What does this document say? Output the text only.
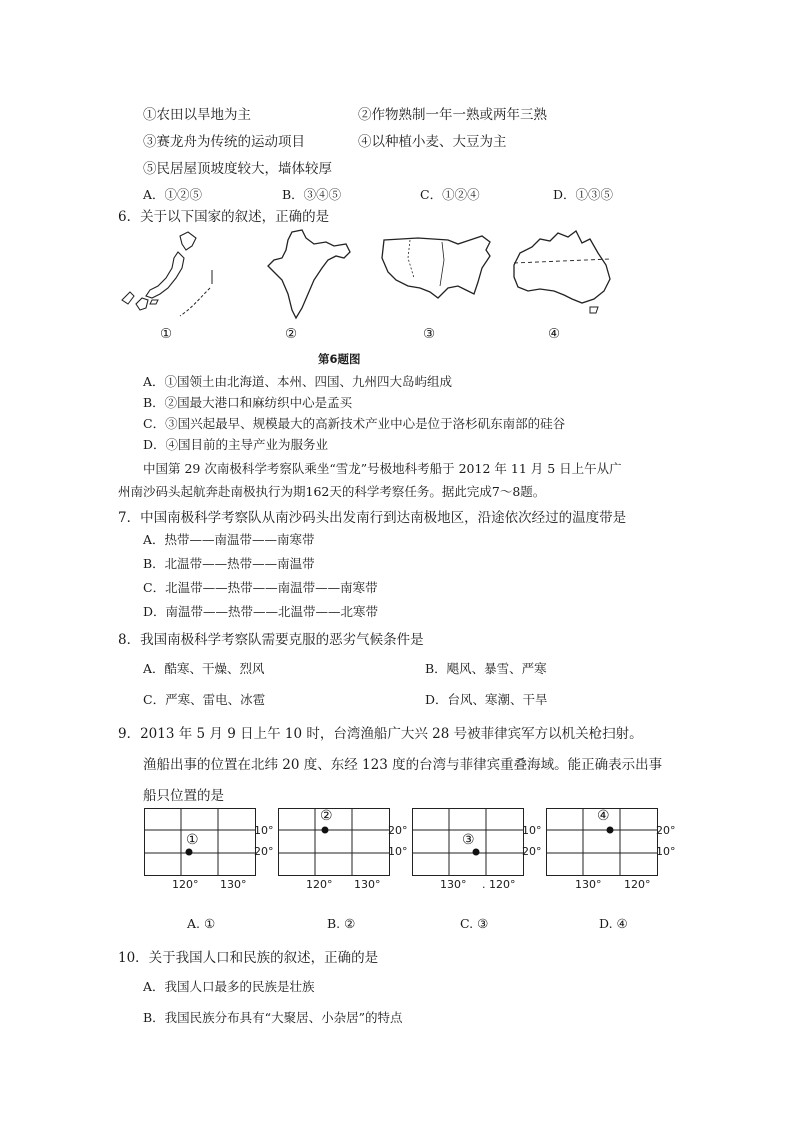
①农田以旱地为主	②作物熟制一年一熟或两年三熟
③赛龙舟为传统的运动项目	④以种植小麦、大豆为主
⑤民居屋顶坡度较大，墙体较厚
A．①②⑤	B．③④⑤	C．①②④	D．①③⑤
6．关于以下国家的叙述，正确的是
①	②	③	④
第6题图
A．①国领土由北海道、本州、四国、九州四大岛屿组成
B．②国最大港口和麻纺织中心是孟买
C．③国兴起最早、规模最大的高新技术产业中心是位于洛杉矶东南部的硅谷
D．④国目前的主导产业为服务业
中国第 29 次南极科学考察队乘坐“雪龙”号极地科考船于 2012 年 11 月 5 日上午从广
州南沙码头起航奔赴南极执行为期162天的科学考察任务。据此完成7～8题。
7．中国南极科学考察队从南沙码头出发南行到达南极地区，沿途依次经过的温度带是
A．热带——南温带——南寒带
B．北温带——热带——南温带
C．北温带——热带——南温带——南寒带
D．南温带——热带——北温带——北寒带
8．我国南极科学考察队需要克服的恶劣气候条件是
A．酷寒、干燥、烈风	B．飓风、暴雪、严寒
C．严寒、雷电、冰雹	D．台风、寒潮、干旱
9．2013 年 5 月 9 日上午 10 时，台湾渔船广大兴 28 号被菲律宾军方以机关枪扫射。
渔船出事的位置在北纬 20 度、东经 123 度的台湾与菲律宾重叠海域。能正确表示出事
船只位置的是
①
10°
20°
120° 130°
②
20°
10°
120° 130°
③
10°
20°
130° . 120°
④
20°
10°
130° 120°
A. ①	B. ②	C. ③	D. ④
10．关于我国人口和民族的叙述，正确的是
A．我国人口最多的民族是壮族
B．我国民族分布具有“大聚居、小杂居”的特点
